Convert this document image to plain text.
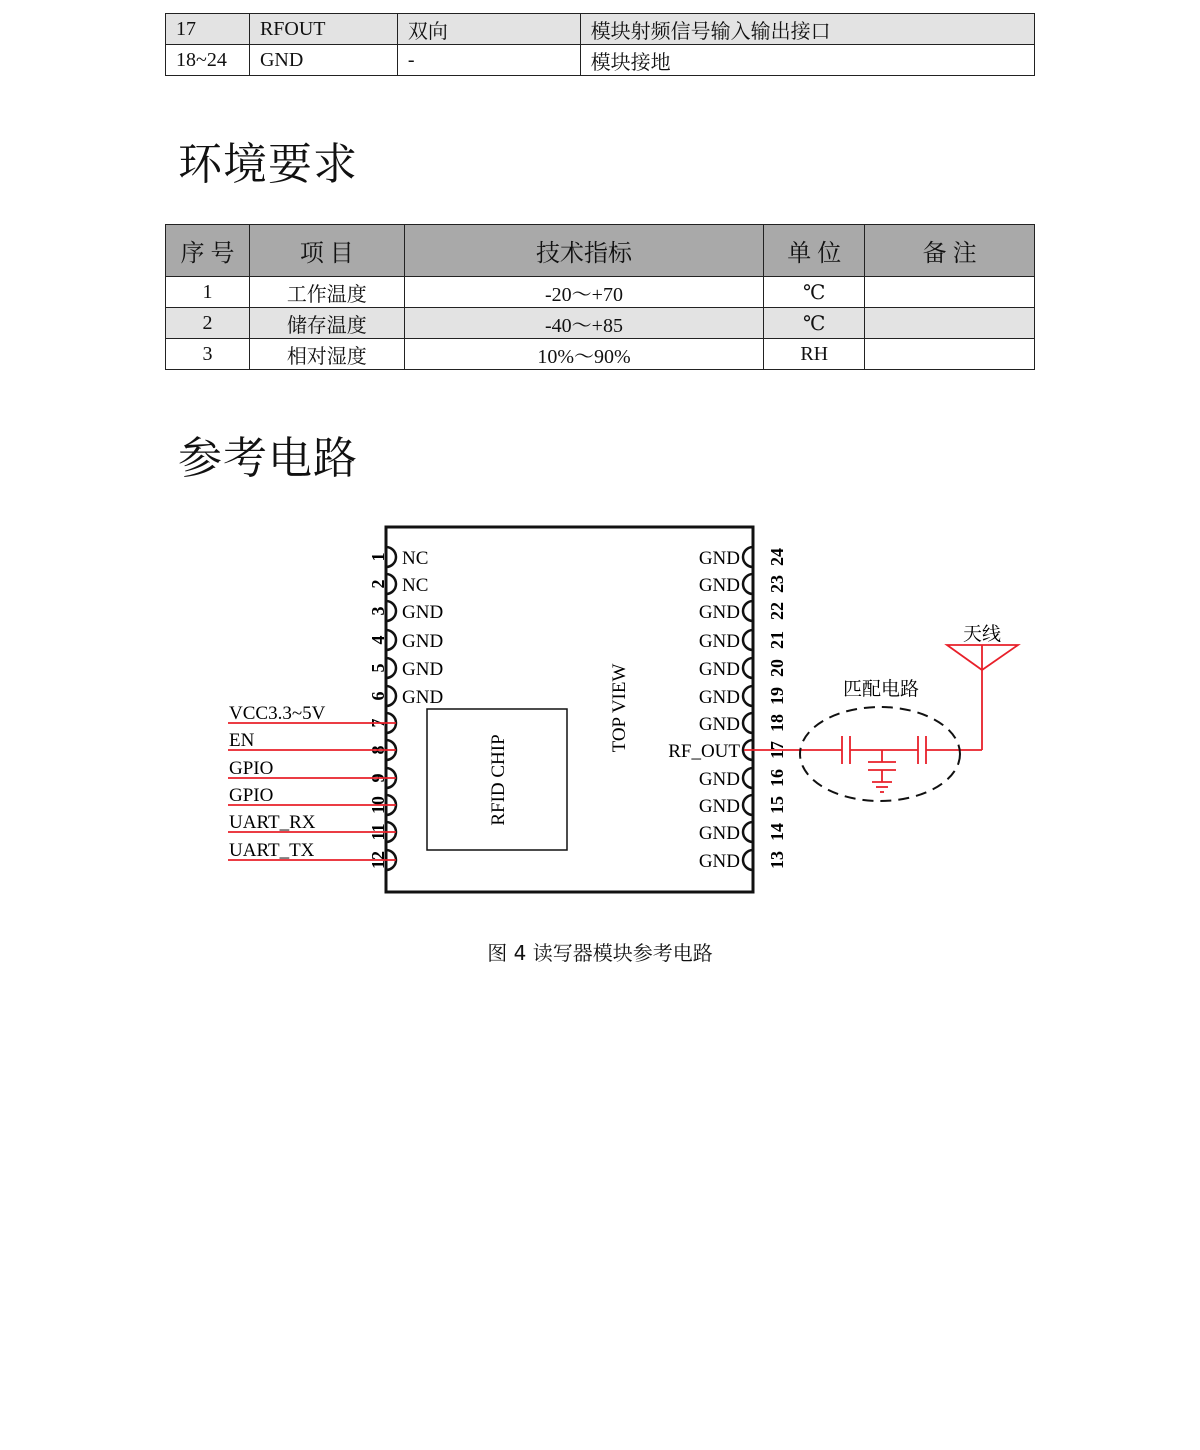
17	RFOUT	双向	模块射频信号输入输出接口
18~24	GND	-	模块接地
环境要求
序 号	项 目	技术指标	单 位	备 注
1	工作温度	-20～+70	℃	
2	储存温度	-40～+85	℃	
3	相对湿度	10%～90%	RH	
参考电路
RFID CHIP
TOP VIEW
1 NC
2 NC
3 GND
4 GND
5 GND
6 GND
7
8
9
10
11
12
24
GND
23
GND
22
GND
21
GND
20
GND
19
GND
18
GND
17
RF_OUT
16
GND
15
GND
14
GND
13
GND
VCC3.3~5V
EN
GPIO
GPIO
UART_RX
UART_TX
匹配电路
天线
图 4 读写器模块参考电路
